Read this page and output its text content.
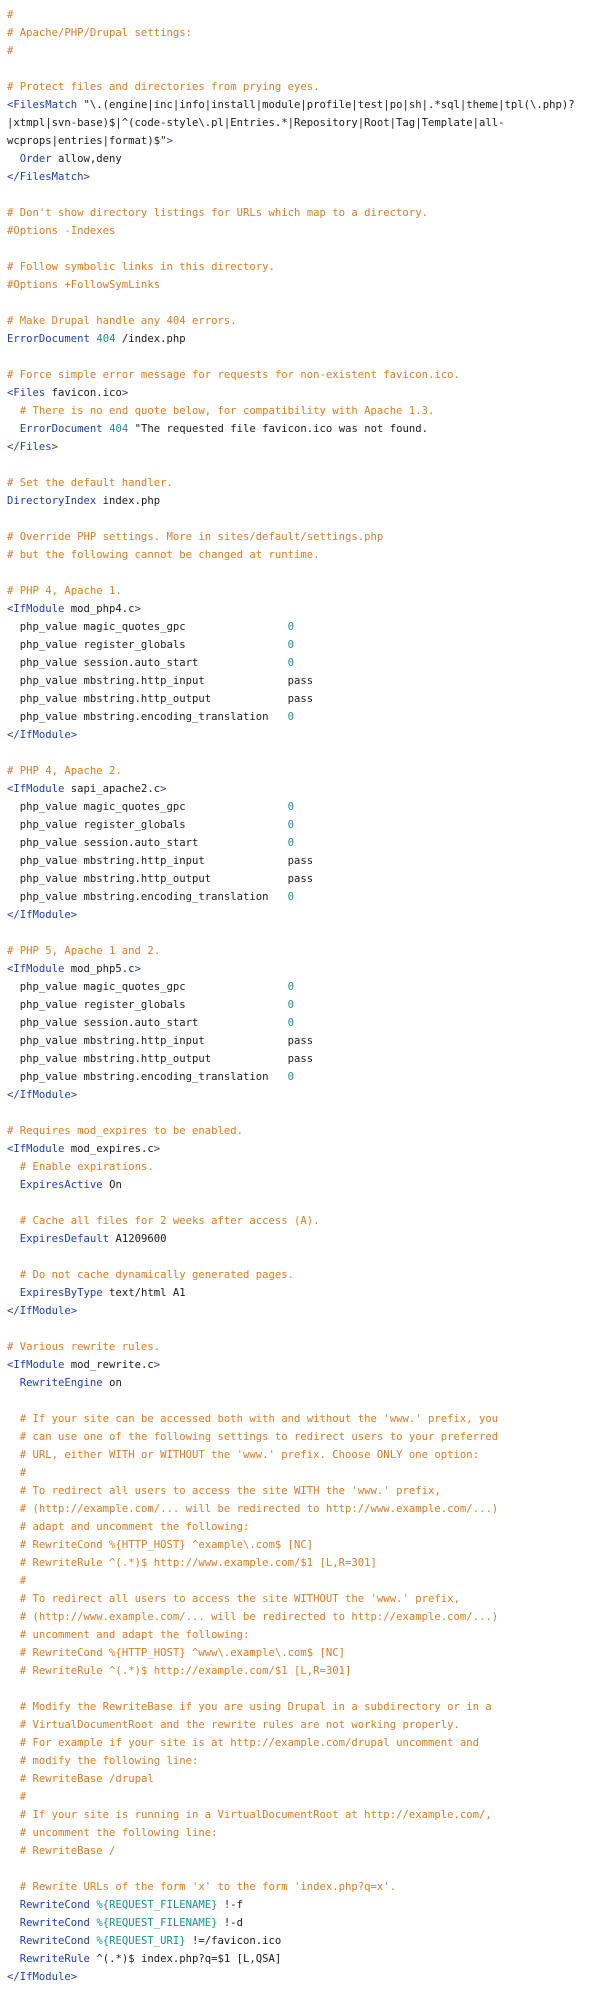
#
# Apache/PHP/Drupal settings:
#
# Protect files and directories from prying eyes.
<FilesMatch "\.(engine|inc|info|install|module|profile|test|po|sh|.*sql|theme|tpl(\.php)?
|xtmpl|svn-base)$|^(code-style\.pl|Entries.*|Repository|Root|Tag|Template|all-
wcprops|entries|format)$">
Order allow,deny
</FilesMatch>
# Don't show directory listings for URLs which map to a directory.
#Options -Indexes
# Follow symbolic links in this directory.
#Options +FollowSymLinks
# Make Drupal handle any 404 errors.
ErrorDocument 404 /index.php
# Force simple error message for requests for non-existent favicon.ico.
<Files favicon.ico>
# There is no end quote below, for compatibility with Apache 1.3.
ErrorDocument 404 "The requested file favicon.ico was not found.
</Files>
# Set the default handler.
DirectoryIndex index.php
# Override PHP settings. More in sites/default/settings.php
# but the following cannot be changed at runtime.
# PHP 4, Apache 1.
<IfModule mod_php4.c>
php_value magic_quotes_gpc                0
php_value register_globals                0
php_value session.auto_start              0
php_value mbstring.http_input             pass
php_value mbstring.http_output            pass
php_value mbstring.encoding_translation   0
</IfModule>
# PHP 4, Apache 2.
<IfModule sapi_apache2.c>
php_value magic_quotes_gpc                0
php_value register_globals                0
php_value session.auto_start              0
php_value mbstring.http_input             pass
php_value mbstring.http_output            pass
php_value mbstring.encoding_translation   0
</IfModule>
# PHP 5, Apache 1 and 2.
<IfModule mod_php5.c>
php_value magic_quotes_gpc                0
php_value register_globals                0
php_value session.auto_start              0
php_value mbstring.http_input             pass
php_value mbstring.http_output            pass
php_value mbstring.encoding_translation   0
</IfModule>
# Requires mod_expires to be enabled.
<IfModule mod_expires.c>
# Enable expirations.
ExpiresActive On
# Cache all files for 2 weeks after access (A).
ExpiresDefault A1209600
# Do not cache dynamically generated pages.
ExpiresByType text/html A1
</IfModule>
# Various rewrite rules.
<IfModule mod_rewrite.c>
RewriteEngine on
# If your site can be accessed both with and without the 'www.' prefix, you
# can use one of the following settings to redirect users to your preferred
# URL, either WITH or WITHOUT the 'www.' prefix. Choose ONLY one option:
#
# To redirect all users to access the site WITH the 'www.' prefix,
# (http://example.com/... will be redirected to http://www.example.com/...)
# adapt and uncomment the following:
# RewriteCond %{HTTP_HOST} ^example\.com$ [NC]
# RewriteRule ^(.*)$ http://www.example.com/$1 [L,R=301]
#
# To redirect all users to access the site WITHOUT the 'www.' prefix,
# (http://www.example.com/... will be redirected to http://example.com/...)
# uncomment and adapt the following:
# RewriteCond %{HTTP_HOST} ^www\.example\.com$ [NC]
# RewriteRule ^(.*)$ http://example.com/$1 [L,R=301]
# Modify the RewriteBase if you are using Drupal in a subdirectory or in a
# VirtualDocumentRoot and the rewrite rules are not working properly.
# For example if your site is at http://example.com/drupal uncomment and
# modify the following line:
# RewriteBase /drupal
#
# If your site is running in a VirtualDocumentRoot at http://example.com/,
# uncomment the following line:
# RewriteBase /
# Rewrite URLs of the form 'x' to the form 'index.php?q=x'.
RewriteCond %{REQUEST_FILENAME} !-f
RewriteCond %{REQUEST_FILENAME} !-d
RewriteCond %{REQUEST_URI} !=/favicon.ico
RewriteRule ^(.*)$ index.php?q=$1 [L,QSA]
</IfModule>
